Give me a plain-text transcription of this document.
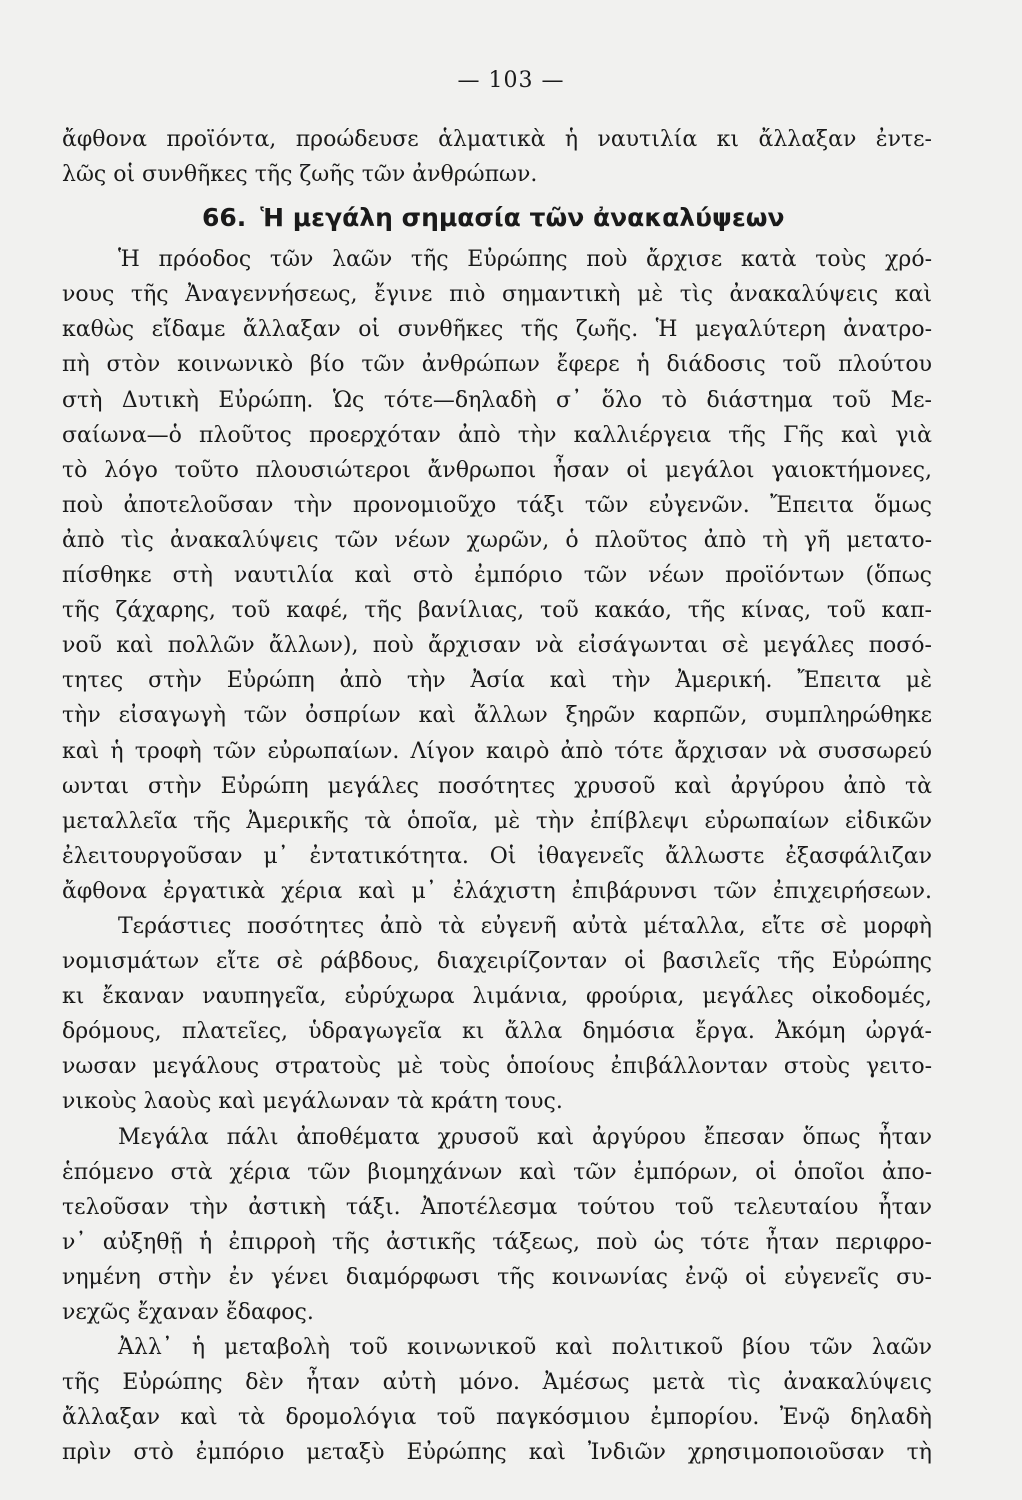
— 103 —
ἄφθονα προϊόντα, προώδευσε ἁλματικὰ ἡ ναυτιλία κι ἄλλαξαν ἐντε-
λῶς οἱ συνθῆκες τῆς ζωῆς τῶν ἀνθρώπων.
66. Ἡ μεγάλη σημασία τῶν ἀνακαλύψεων
Ἡ πρόοδος τῶν λαῶν τῆς Εὐρώπης ποὺ ἄρχισε κατὰ τοὺς χρό-
νους τῆς Ἀναγεννήσεως, ἔγινε πιὸ σημαντικὴ μὲ τὶς ἀνακαλύψεις καὶ
καθὼς εἴδαμε ἄλλαξαν οἱ συνθῆκες τῆς ζωῆς. Ἡ μεγαλύτερη ἀνατρο-
πὴ στὸν κοινωνικὸ βίο τῶν ἀνθρώπων ἔφερε ἡ διάδοσις τοῦ πλούτου
στὴ Δυτικὴ Εὐρώπη. Ὡς τότε—δηλαδὴ σ᾿ ὅλο τὸ διάστημα τοῦ Με-
σαίωνα—ὁ πλοῦτος προερχόταν ἀπὸ τὴν καλλιέργεια τῆς Γῆς καὶ γιὰ
τὸ λόγο τοῦτο πλουσιώτεροι ἄνθρωποι ἦσαν οἱ μεγάλοι γαιοκτήμονες,
ποὺ ἀποτελοῦσαν τὴν προνομιοῦχο τάξι τῶν εὐγενῶν. Ἔπειτα ὅμως
ἀπὸ τὶς ἀνακαλύψεις τῶν νέων χωρῶν, ὁ πλοῦτος ἀπὸ τὴ γῆ μετατο-
πίσθηκε στὴ ναυτιλία καὶ στὸ ἐμπόριο τῶν νέων προϊόντων (ὅπως
τῆς ζάχαρης, τοῦ καφέ, τῆς βανίλιας, τοῦ κακάο, τῆς κίνας, τοῦ καπ-
νοῦ καὶ πολλῶν ἄλλων), ποὺ ἄρχισαν νὰ εἰσάγωνται σὲ μεγάλες ποσό-
τητες στὴν Εὐρώπη ἀπὸ τὴν Ἀσία καὶ τὴν Ἀμερική. Ἔπειτα μὲ
τὴν εἰσαγωγὴ τῶν ὀσπρίων καὶ ἄλλων ξηρῶν καρπῶν, συμπληρώθηκε
καὶ ἡ τροφὴ τῶν εὐρωπαίων. Λίγον καιρὸ ἀπὸ τότε ἄρχισαν νὰ συσσωρεύ
ωνται στὴν Εὐρώπη μεγάλες ποσότητες χρυσοῦ καὶ ἀργύρου ἀπὸ τὰ
μεταλλεῖα τῆς Ἀμερικῆς τὰ ὁποῖα, μὲ τὴν ἐπίβλεψι εὐρωπαίων εἰδικῶν
ἐλειτουργοῦσαν μ᾿ ἐντατικότητα. Οἱ ἰθαγενεῖς ἄλλωστε ἐξασφάλιζαν
ἄφθονα ἐργατικὰ χέρια καὶ μ᾿ ἐλάχιστη ἐπιβάρυνσι τῶν ἐπιχειρήσεων.
Τεράστιες ποσότητες ἀπὸ τὰ εὐγενῆ αὐτὰ μέταλλα, εἴτε σὲ μορφὴ
νομισμάτων εἴτε σὲ ράβδους, διαχειρίζονταν οἱ βασιλεῖς τῆς Εὐρώπης
κι ἔκαναν ναυπηγεῖα, εὐρύχωρα λιμάνια, φρούρια, μεγάλες οἰκοδομές,
δρόμους, πλατεῖες, ὑδραγωγεῖα κι ἄλλα δημόσια ἔργα. Ἀκόμη ὠργά-
νωσαν μεγάλους στρατοὺς μὲ τοὺς ὁποίους ἐπιβάλλονταν στοὺς γειτο-
νικοὺς λαοὺς καὶ μεγάλωναν τὰ κράτη τους.
Μεγάλα πάλι ἀποθέματα χρυσοῦ καὶ ἀργύρου ἔπεσαν ὅπως ἦταν
ἑπόμενο στὰ χέρια τῶν βιομηχάνων καὶ τῶν ἐμπόρων, οἱ ὁποῖοι ἀπο-
τελοῦσαν τὴν ἀστικὴ τάξι. Ἀποτέλεσμα τούτου τοῦ τελευταίου ἦταν
ν᾿ αὐξηθῇ ἡ ἐπιρροὴ τῆς ἀστικῆς τάξεως, ποὺ ὡς τότε ἦταν περιφρο-
νημένη στὴν ἐν γένει διαμόρφωσι τῆς κοινωνίας ἐνῷ οἱ εὐγενεῖς συ-
νεχῶς ἔχαναν ἔδαφος.
Ἀλλ᾿ ἡ μεταβολὴ τοῦ κοινωνικοῦ καὶ πολιτικοῦ βίου τῶν λαῶν
τῆς Εὐρώπης δὲν ἦταν αὐτὴ μόνο. Ἀμέσως μετὰ τὶς ἀνακαλύψεις
ἄλλαξαν καὶ τὰ δρομολόγια τοῦ παγκόσμιου ἐμπορίου. Ἐνῷ δηλαδὴ
πρὶν στὸ ἐμπόριο μεταξὺ Εὐρώπης καὶ Ἰνδιῶν χρησιμοποιοῦσαν τὴ
